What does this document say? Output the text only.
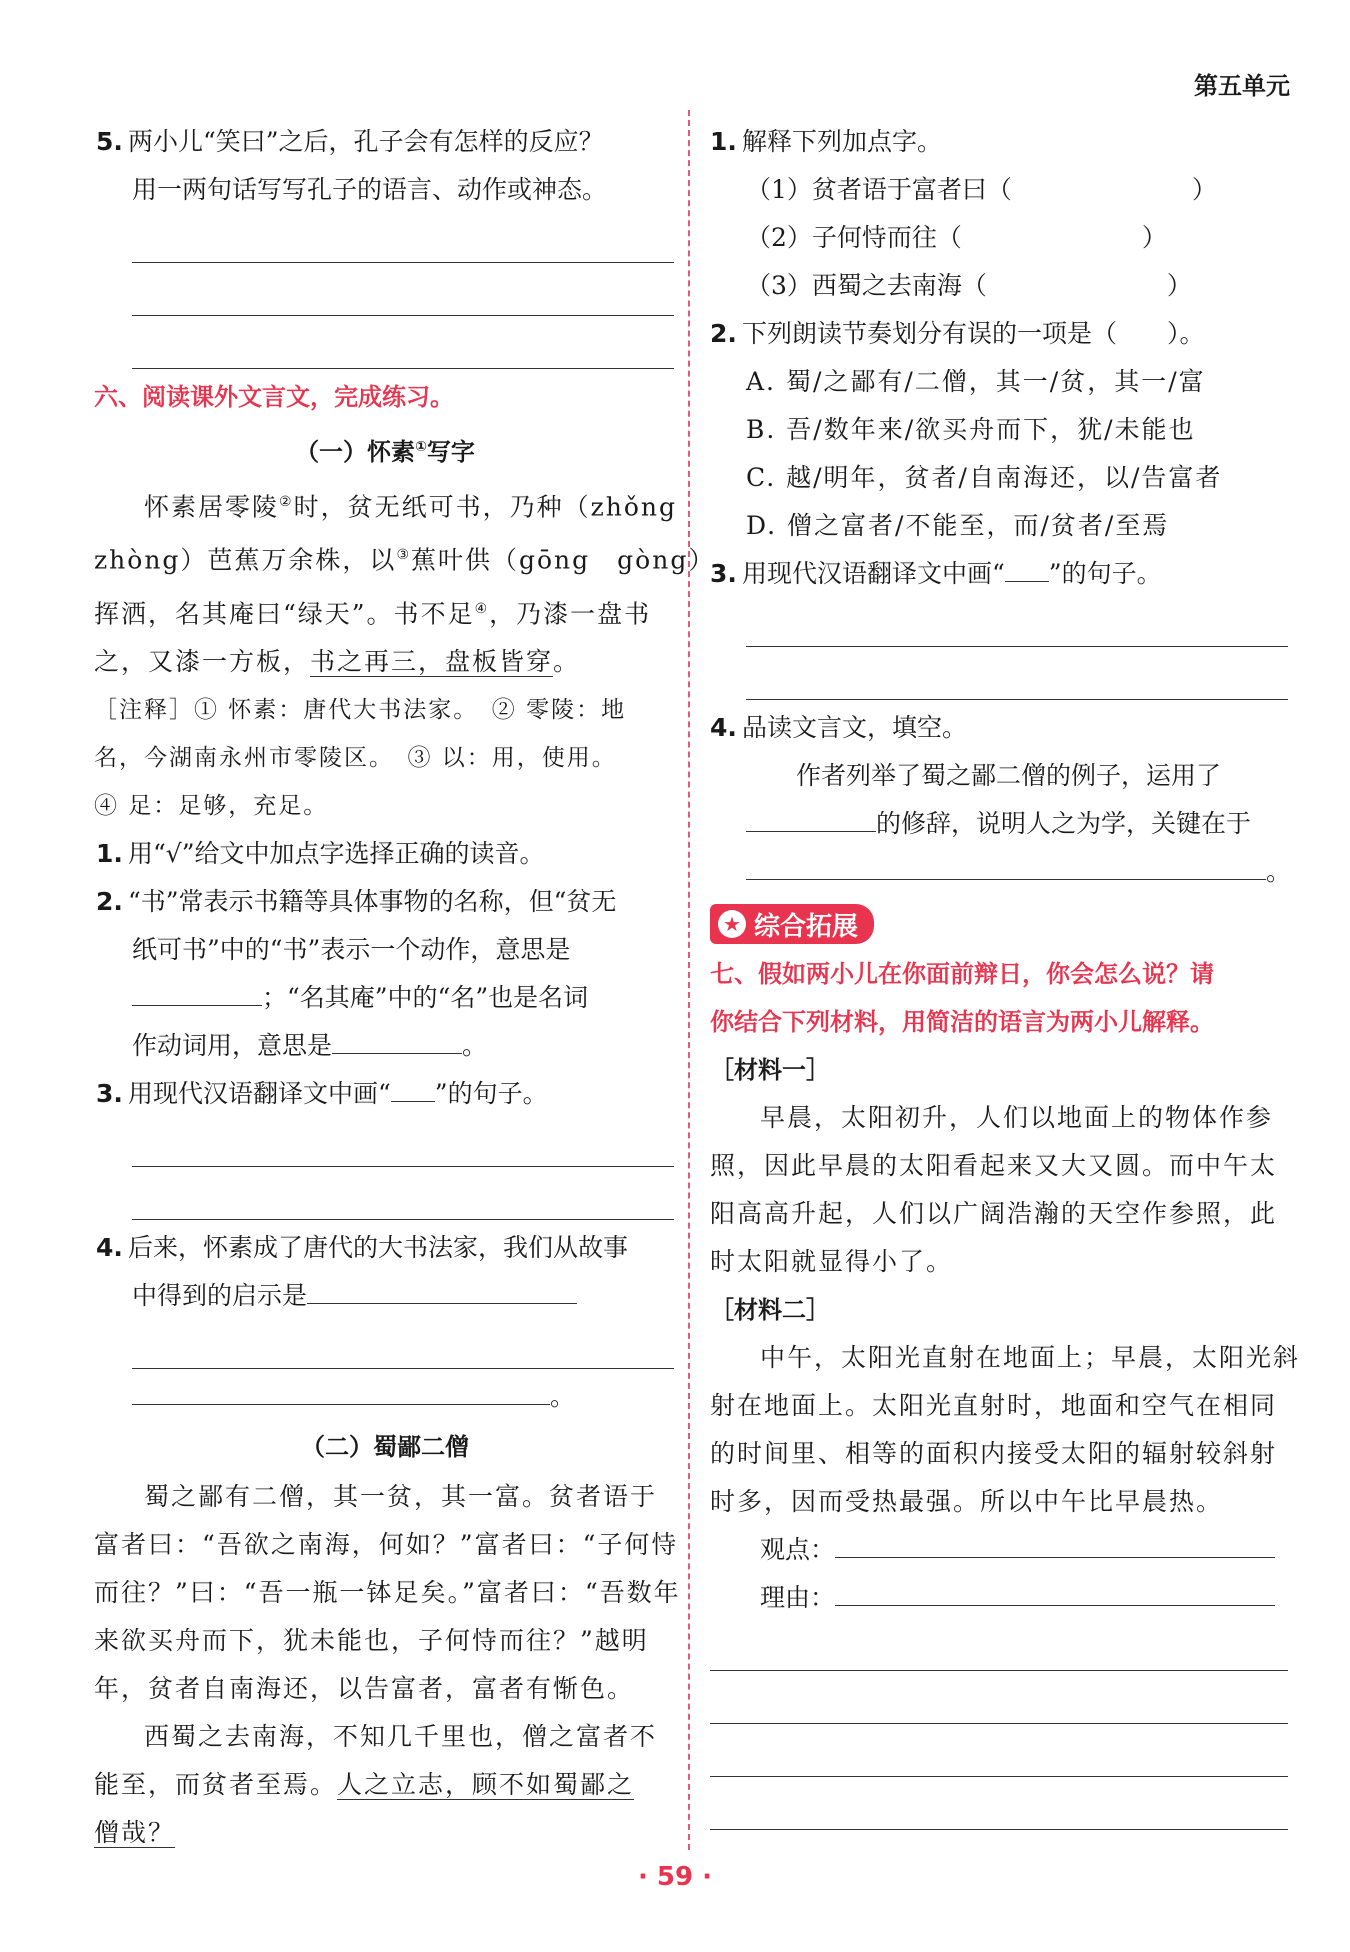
第五单元
5. 两小儿“笑曰”之后，孔子会有怎样的反应？
用一两句话写写孔子的语言、动作或神态。
六、阅读课外文言文，完成练习。
（一）怀素①写字
怀素居零陵②时，贫无纸可书，乃种（zhǒng
zhòng）芭蕉万余株，以③蕉叶供（gōng　gòng）
挥洒，名其庵曰“绿天”。书不足④，乃漆一盘书
之，又漆一方板，书之再三，盘板皆穿。
［注释］① 怀素：唐代大书法家。　② 零陵：地
名，今湖南永州市零陵区。　③ 以：用，使用。
④ 足：足够，充足。
1. 用“√”给文中加点字选择正确的读音。
2. “书”常表示书籍等具体事物的名称，但“贫无
纸可书”中的“书”表示一个动作，意思是
；“名其庵”中的“名”也是名词
作动词用，意思是	。
3. 用现代汉语翻译文中画“ ”的句子。
4. 后来，怀素成了唐代的大书法家，我们从故事
中得到的启示是
。
（二）蜀鄙二僧
蜀之鄙有二僧，其一贫，其一富。贫者语于
富者曰：“吾欲之南海，何如？”富者曰：“子何恃
而往？”曰：“吾一瓶一钵足矣。”富者曰：“吾数年
来欲买舟而下，犹未能也，子何恃而往？”越明
年，贫者自南海还，以告富者，富者有惭色。
西蜀之去南海，不知几千里也，僧之富者不
能至，而贫者至焉。人之立志，顾不如蜀鄙之
僧哉？
1. 解释下列加点字。
（1）贫者语于富者曰（	）
（2）子何恃而往（	）
（3）西蜀之去南海（	）
2. 下列朗读节奏划分有误的一项是（　　）。
A. 蜀/之鄙有/二僧，其一/贫，其一/富
B. 吾/数年来/欲买舟而下，犹/未能也
C. 越/明年，贫者/自南海还，以/告富者
D. 僧之富者/不能至，而/贫者/至焉
3. 用现代汉语翻译文中画“ ”的句子。
4. 品读文言文，填空。
作者列举了蜀之鄙二僧的例子，运用了
的修辞，说明人之为学，关键在于
。
★ 综合拓展
七、假如两小儿在你面前辩日，你会怎么说？请
你结合下列材料，用简洁的语言为两小儿解释。
［材料一］
早晨，太阳初升，人们以地面上的物体作参
照，因此早晨的太阳看起来又大又圆。而中午太
阳高高升起，人们以广阔浩瀚的天空作参照，此
时太阳就显得小了。
［材料二］
中午，太阳光直射在地面上；早晨，太阳光斜
射在地面上。太阳光直射时，地面和空气在相同
的时间里、相等的面积内接受太阳的辐射较斜射
时多，因而受热最强。所以中午比早晨热。
观点：
理由：
· 59 ·
